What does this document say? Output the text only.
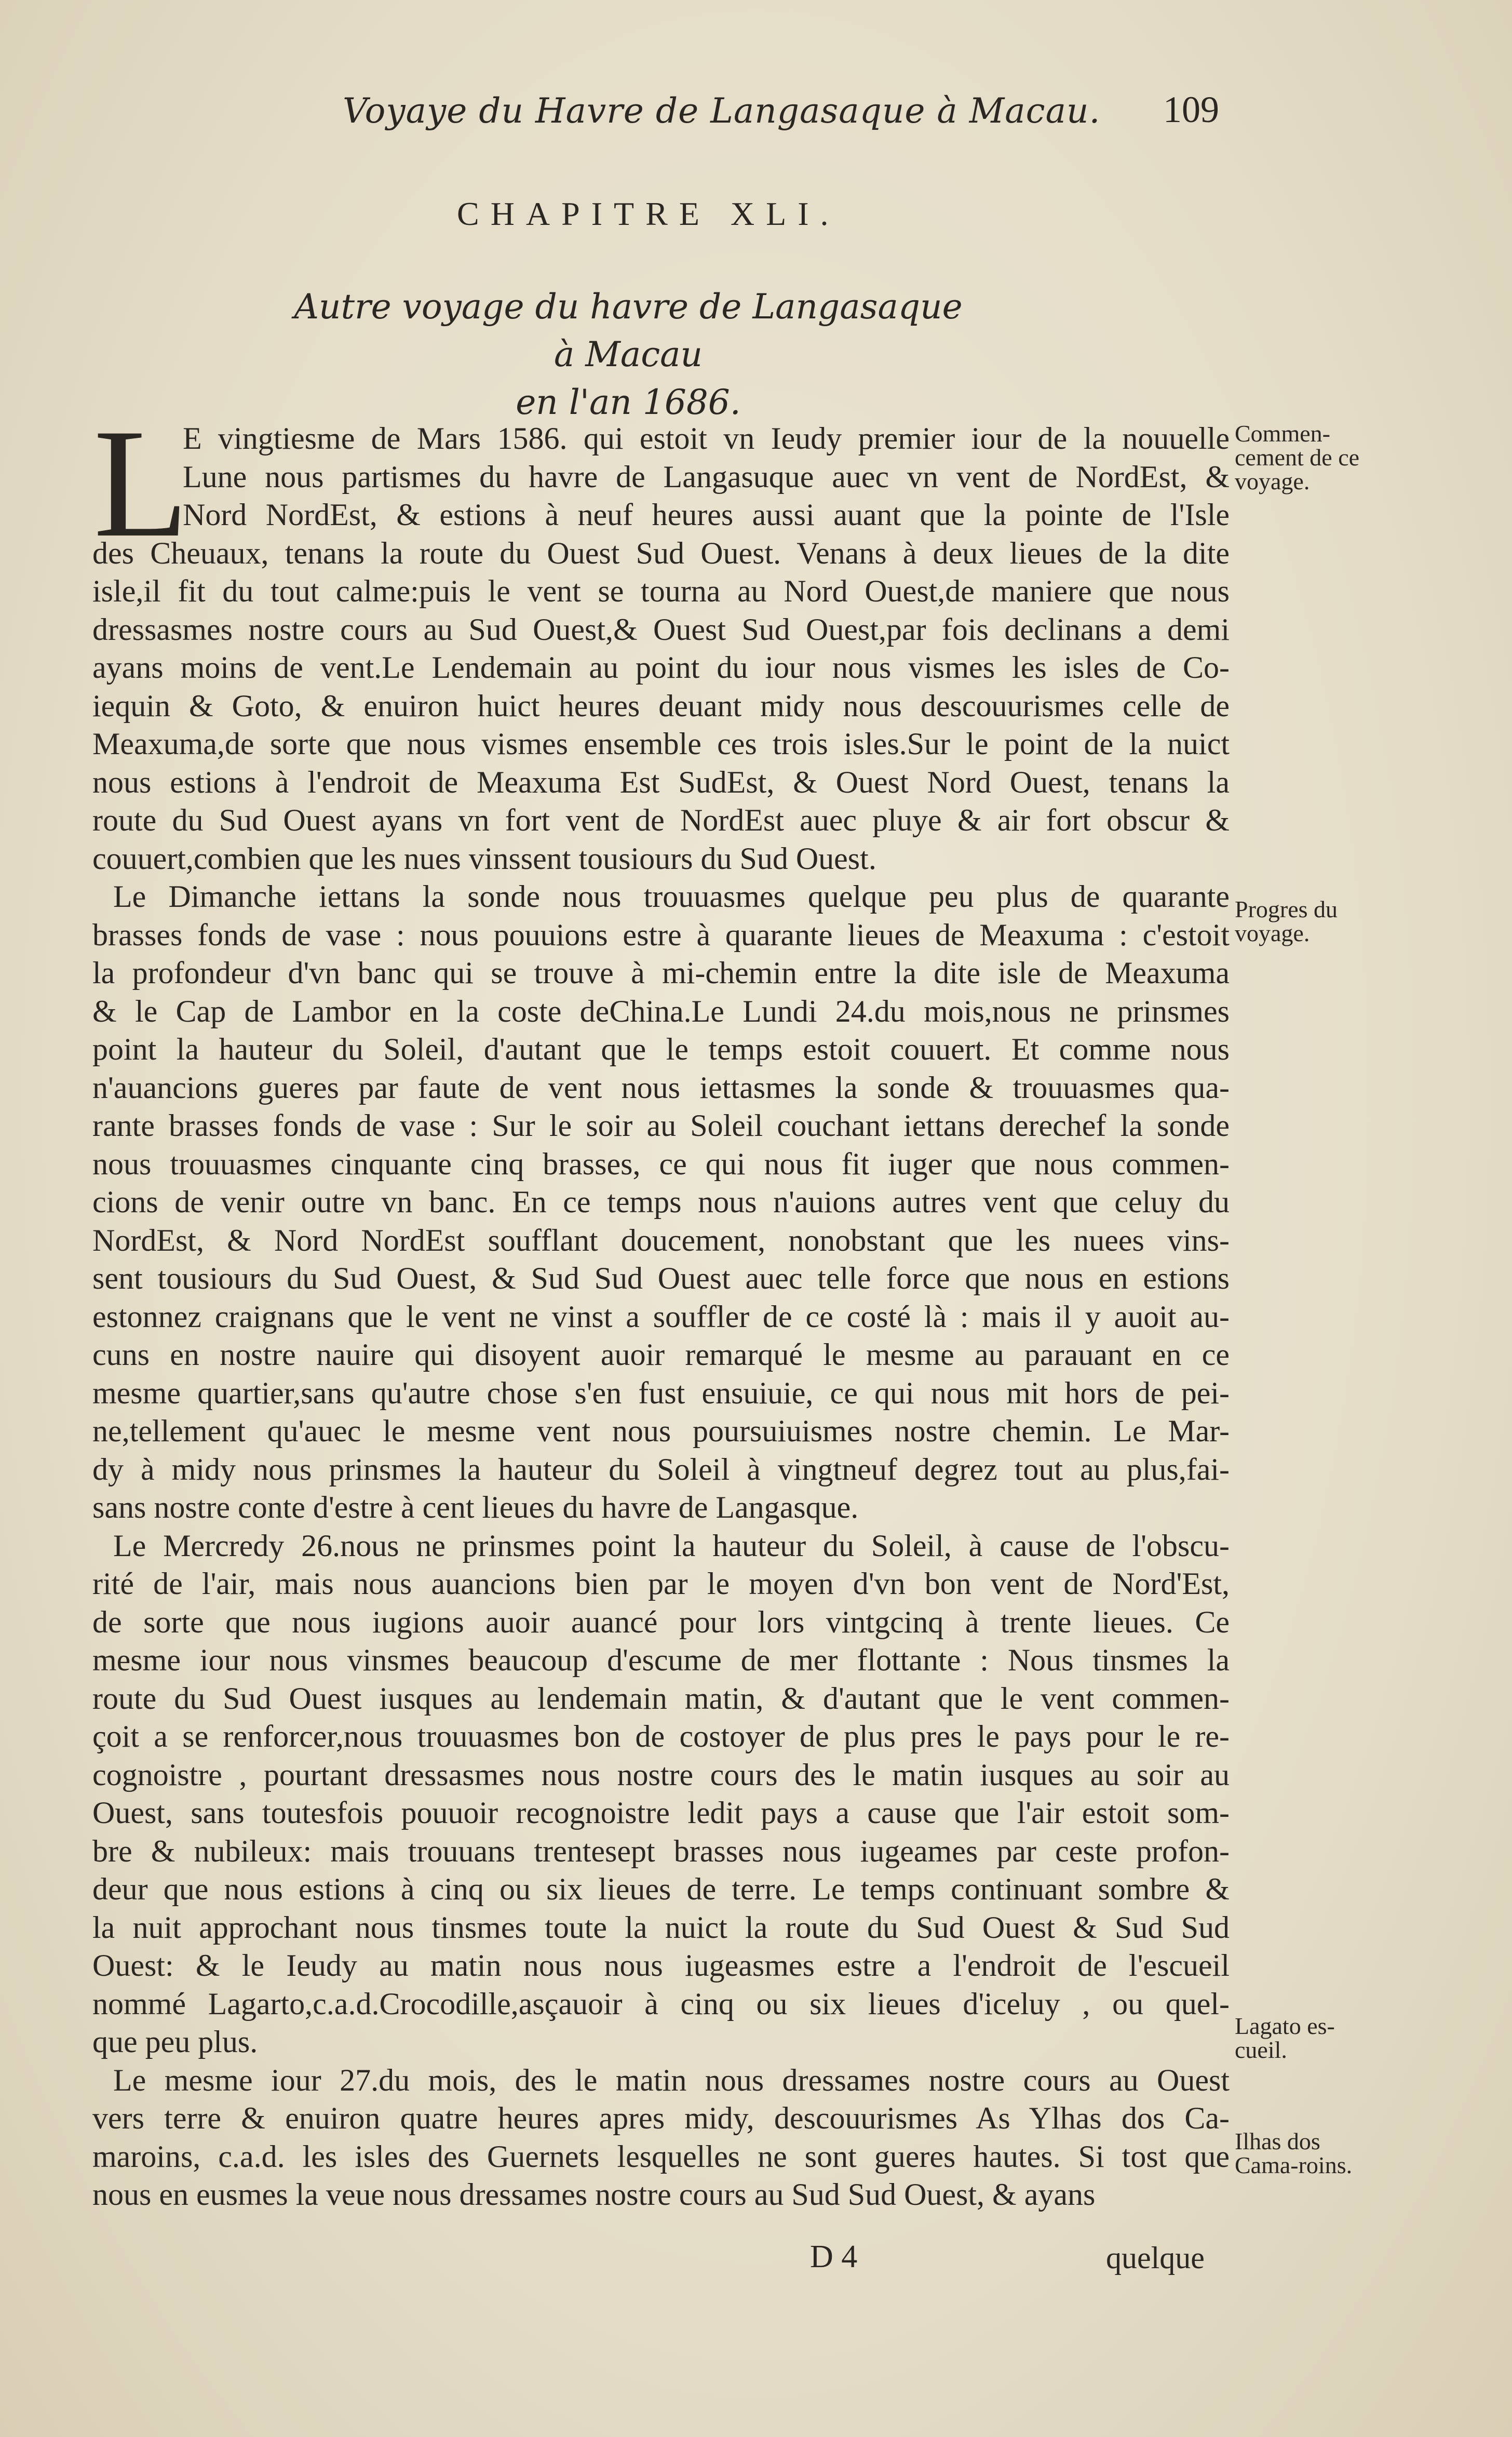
Voyaye du Havre de Langasaque à Macau.	109
CHAPITRE XLI.
Autre voyage du havre de Langasaque à Macau
en l'an 1686.
L
E vingtiesme de Mars 1586. qui estoit vn Ieudy premier iour de la nouuelle
Lune nous partismes du havre de Langasuque auec vn vent de NordEst, &
Nord NordEst, & estions à neuf heures aussi auant que la pointe de l'Isle
des Cheuaux, tenans la route du Ouest Sud Ouest. Venans à deux lieues de la dite
isle,il fit du tout calme:puis le vent se tourna au Nord Ouest,de maniere que nous
dressasmes nostre cours au Sud Ouest,& Ouest Sud Ouest,par fois declinans a demi
ayans moins de vent.Le Lendemain au point du iour nous vismes les isles de Co-
iequin & Goto, & enuiron huict heures deuant midy nous descouurismes celle de
Meaxuma,de sorte que nous vismes ensemble ces trois isles.Sur le point de la nuict
nous estions à l'endroit de Meaxuma Est SudEst, & Ouest Nord Ouest, tenans la
route du Sud Ouest ayans vn fort vent de NordEst auec pluye & air fort obscur &
couuert,combien que les nues vinssent tousiours du Sud Ouest.
Le Dimanche iettans la sonde nous trouuasmes quelque peu plus de quarante
brasses fonds de vase : nous pouuions estre à quarante lieues de Meaxuma : c'estoit
la profondeur d'vn banc qui se trouve à mi-chemin entre la dite isle de Meaxuma
& le Cap de Lambor en la coste deChina.Le Lundi 24.du mois,nous ne prinsmes
point la hauteur du Soleil, d'autant que le temps estoit couuert. Et comme nous
n'auancions gueres par faute de vent nous iettasmes la sonde & trouuasmes qua-
rante brasses fonds de vase : Sur le soir au Soleil couchant iettans derechef la sonde
nous trouuasmes cinquante cinq brasses, ce qui nous fit iuger que nous commen-
cions de venir outre vn banc. En ce temps nous n'auions autres vent que celuy du
NordEst, & Nord NordEst soufflant doucement, nonobstant que les nuees vins-
sent tousiours du Sud Ouest, & Sud Sud Ouest auec telle force que nous en estions
estonnez craignans que le vent ne vinst a souffler de ce costé là : mais il y auoit au-
cuns en nostre nauire qui disoyent auoir remarqué le mesme au parauant en ce
mesme quartier,sans qu'autre chose s'en fust ensuiuie, ce qui nous mit hors de pei-
ne,tellement qu'auec le mesme vent nous poursuiuismes nostre chemin. Le Mar-
dy à midy nous prinsmes la hauteur du Soleil à vingtneuf degrez tout au plus,fai-
sans nostre conte d'estre à cent lieues du havre de Langasque.
Le Mercredy 26.nous ne prinsmes point la hauteur du Soleil, à cause de l'obscu-
rité de l'air, mais nous auancions bien par le moyen d'vn bon vent de Nord'Est,
de sorte que nous iugions auoir auancé pour lors vintgcinq à trente lieues. Ce
mesme iour nous vinsmes beaucoup d'escume de mer flottante : Nous tinsmes la
route du Sud Ouest iusques au lendemain matin, & d'autant que le vent commen-
çoit a se renforcer,nous trouuasmes bon de costoyer de plus pres le pays pour le re-
cognoistre , pourtant dressasmes nous nostre cours des le matin iusques au soir au
Ouest, sans toutesfois pouuoir recognoistre ledit pays a cause que l'air estoit som-
bre & nubileux: mais trouuans trentesept brasses nous iugeames par ceste profon-
deur que nous estions à cinq ou six lieues de terre. Le temps continuant sombre &
la nuit approchant nous tinsmes toute la nuict la route du Sud Ouest & Sud Sud
Ouest: & le Ieudy au matin nous nous iugeasmes estre a l'endroit de l'escueil
nommé Lagarto,c.a.d.Crocodille,asçauoir à cinq ou six lieues d'iceluy , ou quel-
que peu plus.
Le mesme iour 27.du mois, des le matin nous dressames nostre cours au Ouest
vers terre & enuiron quatre heures apres midy, descouurismes As Ylhas dos Ca-
maroins, c.a.d. les isles des Guernets lesquelles ne sont gueres hautes. Si tost que
nous en eusmes la veue nous dressames nostre cours au Sud Sud Ouest, & ayans
Commen-cement de ce voyage.
Progres du voyage.
Lagato es-cueil.
Ilhas dos Cama-roins.
D 4	quelque
